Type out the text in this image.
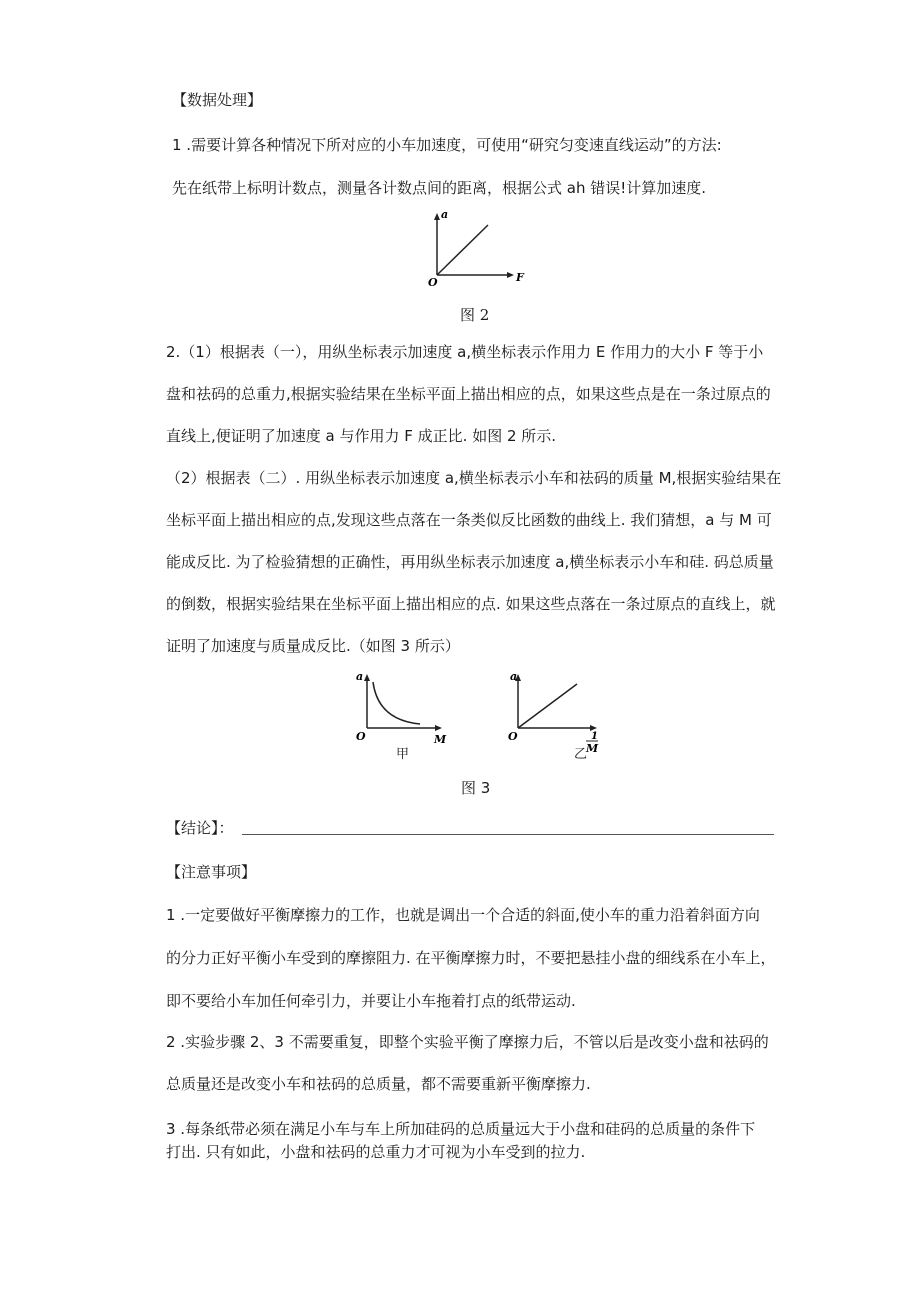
【数据处理】
1 .需要计算各种情况下所对应的小车加速度，可使用“研究匀变速直线运动”的方法:
先在纸带上标明计数点，测量各计数点间的距离，根据公式 ah 错误!计算加速度.
a
F
O
图 2
2.（1）根据表（一），用纵坐标表示加速度 a,横坐标表示作用力 E 作用力的大小 F 等于小
盘和祛码的总重力,根据实验结果在坐标平面上描出相应的点，如果这些点是在一条过原点的
直线上,便证明了加速度 a 与作用力 F 成正比. 如图 2 所示.
（2）根据表（二）. 用纵坐标表示加速度 a,横坐标表示小车和祛码的质量 M,根据实验结果在
坐标平面上描出相应的点,发现这些点落在一条类似反比函数的曲线上. 我们猜想，a 与 M 可
能成反比. 为了检验猜想的正确性，再用纵坐标表示加速度 a,横坐标表示小车和硅. 码总质量
的倒数，根据实验结果在坐标平面上描出相应的点. 如果这些点落在一条过原点的直线上，就
证明了加速度与质量成反比.（如图 3 所示）
a
M
O
甲
a
1
M
O
乙
图 3
【结论】：
【注意事项】
1 .一定要做好平衡摩擦力的工作，也就是调出一个合适的斜面,使小车的重力沿着斜面方向
的分力正好平衡小车受到的摩擦阻力. 在平衡摩擦力时，不要把悬挂小盘的细线系在小车上，
即不要给小车加任何牵引力，并要让小车拖着打点的纸带运动.
2 .实验步骤 2、3 不需要重复，即整个实验平衡了摩擦力后，不管以后是改变小盘和祛码的
总质量还是改变小车和祛码的总质量，都不需要重新平衡摩擦力.
3 .每条纸带必须在满足小车与车上所加硅码的总质量远大于小盘和硅码的总质量的条件下
打出. 只有如此，小盘和祛码的总重力才可视为小车受到的拉力.
